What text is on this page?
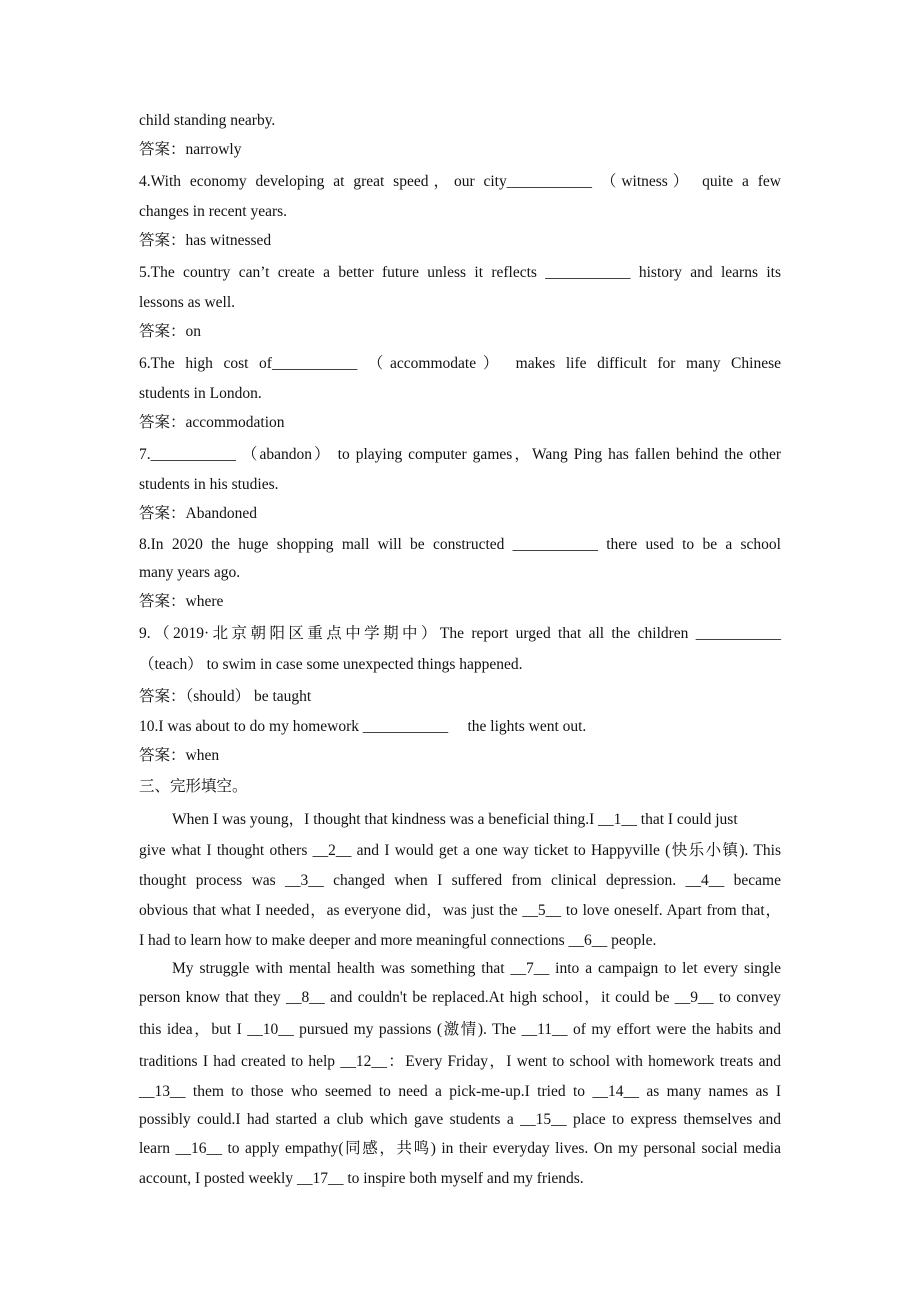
child standing nearby.
答案：narrowly
4.With economy developing at great speed，our city___________ （witness） quite a few
changes in recent years.
答案：has witnessed
5.The country can’t create a better future unless it reflects ___________ history and learns its
lessons as well.
答案：on
6.The high cost of___________ （accommodate） makes life difficult for many Chinese
students in London.
答案：accommodation
7.___________ （abandon） to playing computer games，Wang Ping has fallen behind the other
students in his studies.
答案：Abandoned
8.In 2020 the huge shopping mall will be constructed ___________ there used to be a school
many years ago.
答案：where
9.（2019·北京朝阳区重点中学期中）The report urged that all the children ___________
（teach） to swim in case some unexpected things happened.
答案：（should） be taught
10.I was about to do my homework ___________     the lights went out.
答案：when
三、完形填空。
When I was young，I thought that kindness was a beneficial thing.I __1__ that I could just
give what I thought others __2__ and I would get a one way ticket to Happyville (快乐小镇). This
thought process was __3__ changed when I suffered from clinical depression. __4__ became
obvious that what I needed，as everyone did，was just the __5__ to love oneself. Apart from that，
I had to learn how to make deeper and more meaningful connections __6__ people.
My struggle with mental health was something that __7__ into a campaign to let every single
person know that they __8__ and couldn't be replaced.At high school，it could be __9__ to convey
this idea，but I __10__ pursued my passions (激情). The __11__ of my effort were the habits and
traditions I had created to help __12__：Every Friday，I went to school with homework treats and
__13__ them to those who seemed to need a pick-me-up.I tried to __14__ as many names as I
possibly could.I had started a club which gave students a __15__ place to express themselves and
learn __16__ to apply empathy(同感，共鸣) in their everyday lives. On my personal social media
account, I posted weekly __17__ to inspire both myself and my friends.
